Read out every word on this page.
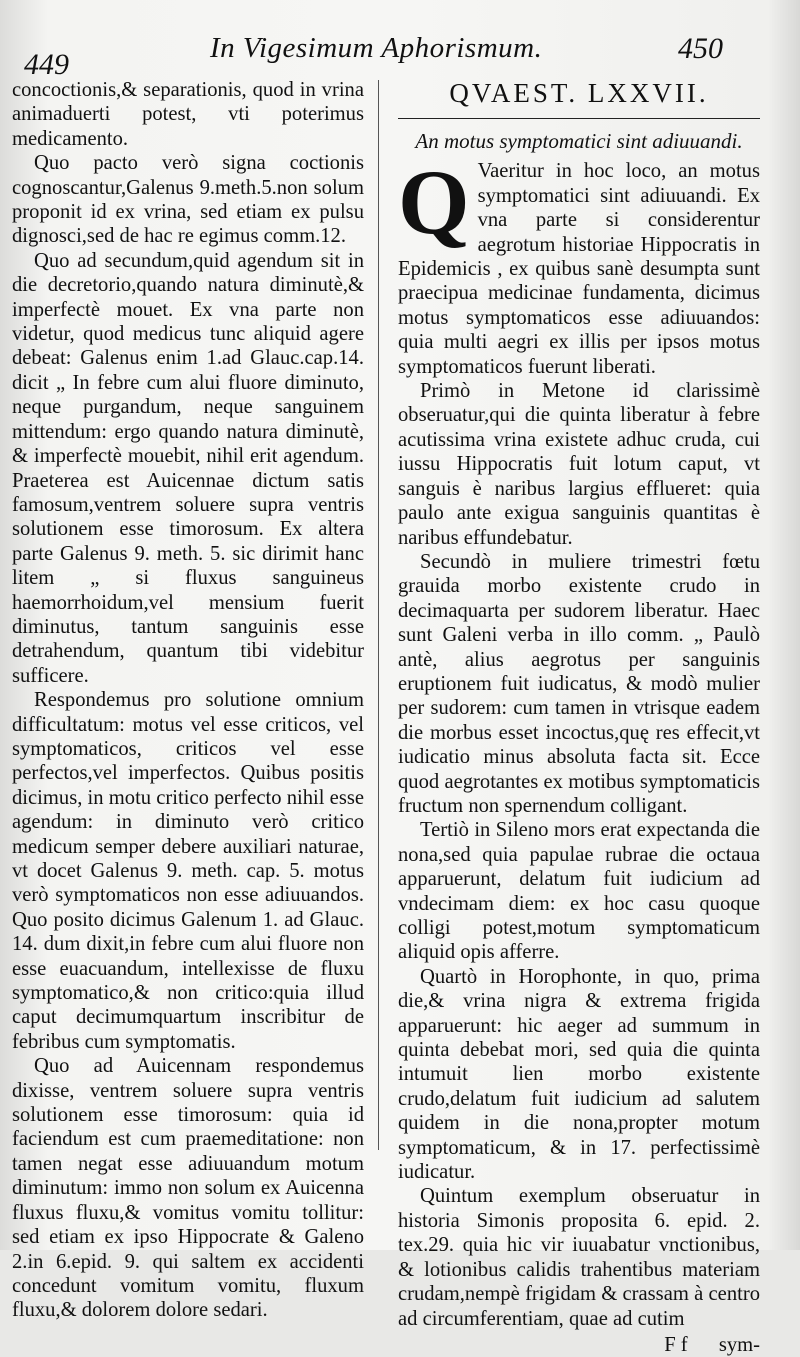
449	In Vigesimum Aphorismum.	450

concoctionis,& separationis, quod in vrina animaduerti potest, vti poterimus medicamento.

Quo pacto verò signa coctionis cognoscantur,Galenus 9.meth.5.non solum proponit id ex vrina, sed etiam ex pulsu dignosci,sed de hac re egimus comm.12.

Quo ad secundum,quid agendum sit in die decretorio,quando natura diminutè,& imperfectè mouet. Ex vna parte non videtur, quod medicus tunc aliquid agere debeat: Galenus enim 1.ad Glauc.cap.14. dicit „ In febre cum alui fluore diminuto, neque purgandum, neque sanguinem mittendum: ergo quando natura diminutè, & imperfectè mouebit, nihil erit agendum. Praeterea est Auicennae dictum satis famosum,ventrem soluere supra ventris solutionem esse timorosum. Ex altera parte Galenus 9. meth. 5. sic dirimit hanc litem „ si fluxus sanguineus haemorrhoidum,vel mensium fuerit diminutus, tantum sanguinis esse detrahendum, quantum tibi videbitur sufficere.

Respondemus pro solutione omnium difficultatum: motus vel esse criticos, vel symptomaticos, criticos vel esse perfectos,vel imperfectos. Quibus positis dicimus, in motu critico perfecto nihil esse agendum: in diminuto verò critico medicum semper debere auxiliari naturae, vt docet Galenus 9. meth. cap. 5. motus verò symptomaticos non esse adiuuandos. Quo posito dicimus Galenum 1. ad Glauc. 14. dum dixit,in febre cum alui fluore non esse euacuandum, intellexisse de fluxu symptomatico,& non critico:quia illud caput decimumquartum inscribitur de febribus cum symptomatis.

Quo ad Auicennam respondemus dixisse, ventrem soluere supra ventris solutionem esse timorosum: quia id faciendum est cum praemeditatione: non tamen negat esse adiuuandum motum diminutum: immo non solum ex Auicenna fluxus fluxu,& vomitus vomitu tollitur: sed etiam ex ipso Hippocrate & Galeno 2.in 6.epid. 9. qui saltem ex accidenti concedunt vomitum vomitu, fluxum fluxu,& dolorem dolore sedari.

QVAEST. LXXVII.
An motus symptomatici sint adiuuandi.

Q Vaeritur in hoc loco, an motus symptomatici sint adiuuandi. Ex vna parte si considerentur aegrotum historiae Hippocratis in Epidemicis , ex quibus sanè desumpta sunt praecipua medicinae fundamenta, dicimus motus symptomaticos esse adiuuandos: quia multi aegri ex illis per ipsos motus symptomaticos fuerunt liberati.

Primò in Metone id clarissimè obseruatur,qui die quinta liberatur à febre acutissima vrina existete adhuc cruda, cui iussu Hippocratis fuit lotum caput, vt sanguis è naribus largius efflueret: quia paulo ante exigua sanguinis quantitas è naribus effundebatur.

Secundò in muliere trimestri fœtu grauida morbo existente crudo in decimaquarta per sudorem liberatur. Haec sunt Galeni verba in illo comm. „ Paulò antè, alius aegrotus per sanguinis eruptionem fuit iudicatus, & modò mulier per sudorem: cum tamen in vtrisque eadem die morbus esset incoctus,quę res effecit,vt iudicatio minus absoluta facta sit. Ecce quod aegrotantes ex motibus symptomaticis fructum non spernendum colligant.

Tertiò in Sileno mors erat expectanda die nona,sed quia papulae rubrae die octaua apparuerunt, delatum fuit iudicium ad vndecimam diem: ex hoc casu quoque colligi potest,motum symptomaticum aliquid opis afferre.

Quartò in Horophonte, in quo, prima die,& vrina nigra & extrema frigida apparuerunt: hic aeger ad summum in quinta debebat mori, sed quia die quinta intumuit lien morbo existente crudo,delatum fuit iudicium ad salutem quidem in die nona,propter motum symptomaticum, & in 17. perfectissimè iudicatur.

Quintum exemplum obseruatur in historia Simonis proposita 6. epid. 2. tex.29. quia hic vir iuuabatur vnctionibus, & lotionibus calidis trahentibus materiam crudam,nempè frigidam & crassam à centro ad circumferentiam, quae ad cutim

F f sym-
